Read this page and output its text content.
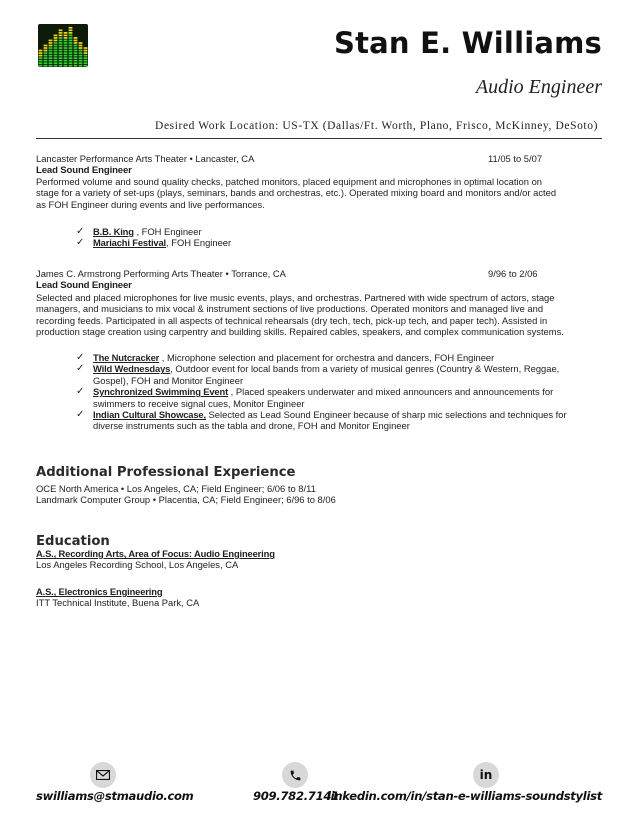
Stan E. Williams
Audio Engineer
Desired Work Location: US-TX (Dallas/Ft. Worth, Plano, Frisco, McKinney, DeSoto)
Lancaster Performance Arts Theater • Lancaster, CA	11/05 to 5/07
Lead Sound Engineer
Performed volume and sound quality checks, patched monitors, placed equipment and microphones in optimal location on
stage for a variety of set-ups (plays, seminars, bands and orchestras, etc.). Operated mixing board and monitors and/or acted
as FOH Engineer during events and live performances.
✓ B.B. King , FOH Engineer
✓ Mariachi Festival, FOH Engineer
James C. Armstrong Performing Arts Theater • Torrance, CA	9/96 to 2/06
Lead Sound Engineer
Selected and placed microphones for live music events, plays, and orchestras. Partnered with wide spectrum of actors, stage
managers, and musicians to mix vocal & instrument sections of live productions. Operated monitors and managed live and
recording feeds. Participated in all aspects of technical rehearsals (dry tech, tech, pick-up tech, and paper tech). Assisted in
production stage creation using carpentry and building skills. Repaired cables, speakers, and complex communication systems.
✓ The Nutcracker , Microphone selection and placement for orchestra and dancers, FOH Engineer
✓ Wild Wednesdays, Outdoor event for local bands from a variety of musical genres (Country & Western, Reggae,
Gospel), FOH and Monitor Engineer
✓ Synchronized Swimming Event , Placed speakers underwater and mixed announcers and announcements for
swimmers to receive signal cues, Monitor Engineer
✓ Indian Cultural Showcase, Selected as Lead Sound Engineer because of sharp mic selections and techniques for
diverse instruments such as the tabla and drone, FOH and Monitor Engineer
Additional Professional Experience
OCE North America • Los Angeles, CA; Field Engineer; 6/06 to 8/11
Landmark Computer Group • Placentia, CA; Field Engineer; 6/96 to 8/06
Education
A.S., Recording Arts, Area of Focus: Audio Engineering
Los Angeles Recording School, Los Angeles, CA
A.S., Electronics Engineering
ITT Technical Institute, Buena Park, CA
in
swilliams@stmaudio.com	909.782.7141
linkedin.com/in/stan-e-williams-soundstylist
